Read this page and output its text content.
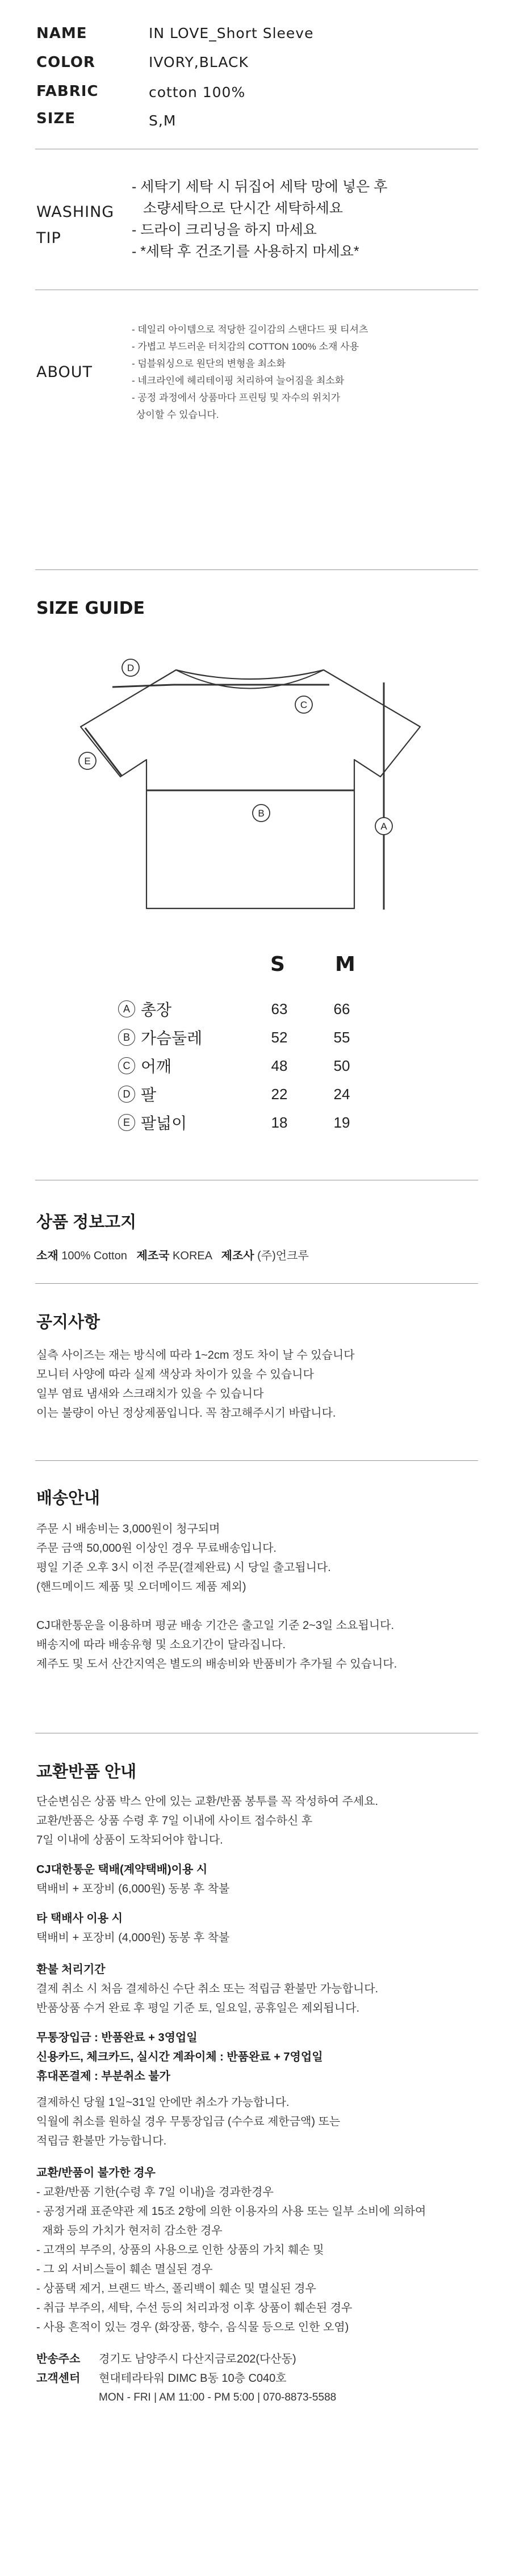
NAME	IN LOVE_Short Sleeve
COLOR	IVORY,BLACK
FABRIC	cotton 100%
SIZE	S,M
WASHING
TIP
- 세탁기 세탁 시 뒤집어 세탁 망에 넣은 후
소량세탁으로 단시간 세탁하세요
- 드라이 크리닝을 하지 마세요
- *세탁 후 건조기를 사용하지 마세요*
ABOUT
- 데일리 아이템으로 적당한 길이감의 스탠다드 핏 티셔츠
- 가볍고 부드러운 터치감의 COTTON 100% 소재 사용
- 덤블워싱으로 원단의 변형을 최소화
- 네크라인에 헤리테이핑 처리하여 늘어짐을 최소화
- 공정 과정에서 상품마다 프린팅 및 자수의 위치가
상이할 수 있습니다.
SIZE GUIDE
D
C
E
B
A
S M
A 총장	63	66
B 가슴둘레	52	55
C 어깨	48	50
D 팔	22	24
E 팔넓이	18	19
상품 정보고지
소재 100% Cotton 제조국 KOREA 제조사 (주)언크루
공지사항
실측 사이즈는 재는 방식에 따라 1~2cm 정도 차이 날 수 있습니다
모니터 사양에 따라 실제 색상과 차이가 있을 수 있습니다
일부 염료 냄새와 스크래치가 있을 수 있습니다
이는 불량이 아닌 정상제품입니다. 꼭 참고해주시기 바랍니다.
배송안내
주문 시 배송비는 3,000원이 청구되며
주문 금액 50,000원 이상인 경우 무료배송입니다.
평일 기준 오후 3시 이전 주문(결제완료) 시 당일 출고됩니다.
(핸드메이드 제품 및 오더메이드 제품 제외)
CJ대한통운을 이용하며 평균 배송 기간은 출고일 기준 2~3일 소요됩니다.
배송지에 따라 배송유형 및 소요기간이 달라집니다.
제주도 및 도서 산간지역은 별도의 배송비와 반품비가 추가될 수 있습니다.
교환반품 안내
단순변심은 상품 박스 안에 있는 교환/반품 봉투를 꼭 작성하여 주세요.
교환/반품은 상품 수령 후 7일 이내에 사이트 접수하신 후
7일 이내에 상품이 도착되어야 합니다.
CJ대한통운 택배(계약택배)이용 시
택배비 + 포장비 (6,000원) 동봉 후 착불
타 택배사 이용 시
택배비 + 포장비 (4,000원) 동봉 후 착불
환불 처리기간
결제 취소 시 처음 결제하신 수단 취소 또는 적립금 환불만 가능합니다.
반품상품 수거 완료 후 평일 기준 토, 일요일, 공휴일은 제외됩니다.
무통장입금 : 반품완료 + 3영업일
신용카드, 체크카드, 실시간 계좌이체 : 반품완료 + 7영업일
휴대폰결제 : 부분취소 불가
결제하신 당월 1일~31일 안에만 취소가 가능합니다.
익월에 취소를 원하실 경우 무통장입금 (수수료 제한금액) 또는
적립금 환불만 가능합니다.
교환/반품이 불가한 경우
- 교환/반품 기한(수령 후 7일 이내)을 경과한경우
- 공정거래 표준약관 제 15조 2항에 의한 이용자의 사용 또는 일부 소비에 의하여
재화 등의 가치가 현저히 감소한 경우
- 고객의 부주의, 상품의 사용으로 인한 상품의 가치 훼손 및
- 그 외 서비스들이 훼손 멸실된 경우
- 상품택 제거, 브랜드 박스, 폴리백이 훼손 및 멸실된 경우
- 취급 부주의, 세탁, 수선 등의 처리과정 이후 상품이 훼손된 경우
- 사용 흔적이 있는 경우 (화장품, 향수, 음식물 등으로 인한 오염)
반송주소	경기도 남양주시 다산지금로202(다산동)
고객센터	현대테라타워 DIMC B동 10층 C040호
MON - FRI | AM 11:00 - PM 5:00 | 070-8873-5588
